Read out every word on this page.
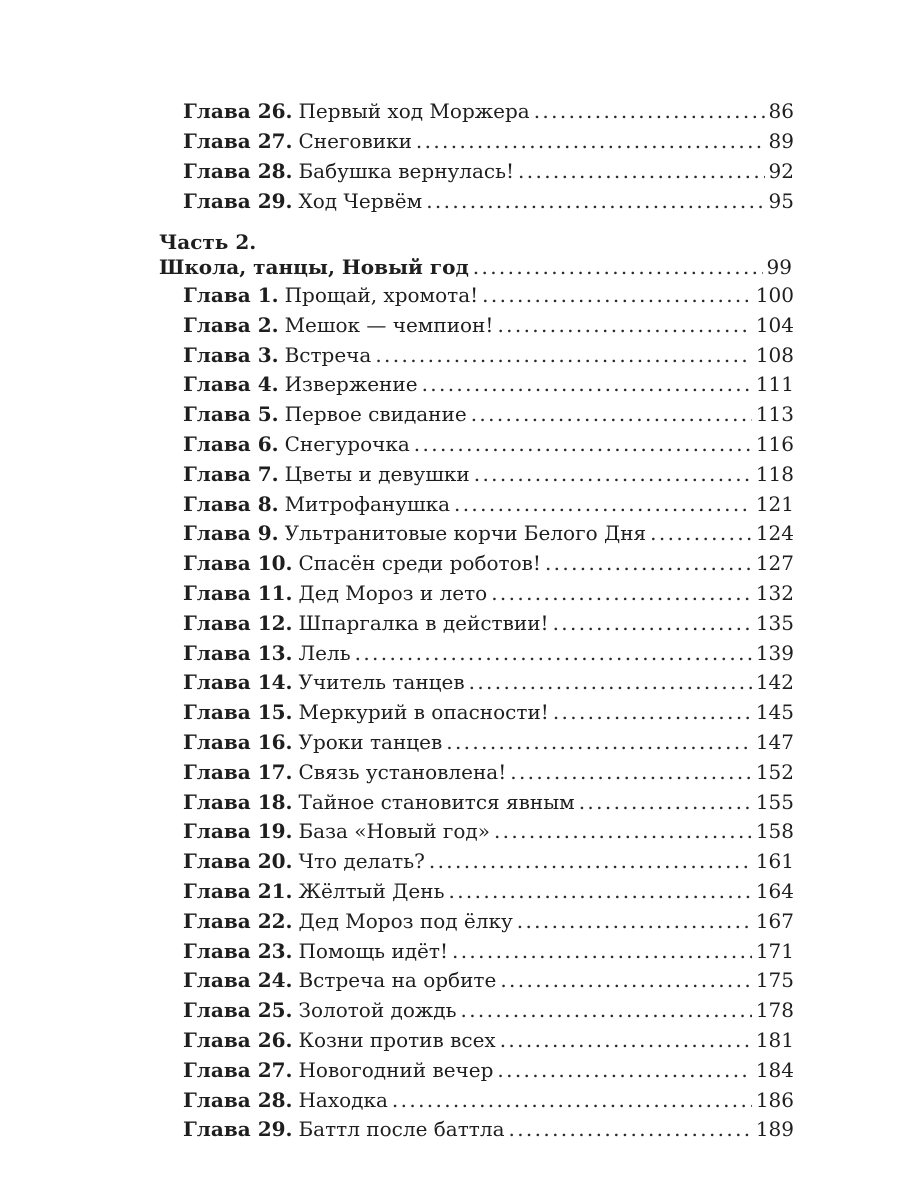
Глава 26. Первый ход Моржера . . .	86
Глава 27. Снеговики . . .	89
Глава 28. Бабушка вернулась! . . .	92
Глава 29. Ход Червём . . .	95
Часть 2.
Школа, танцы, Новый год . . .	99
Глава 1. Прощай, хромота! . . .	100
Глава 2. Мешок — чемпион! . . .	104
Глава 3. Встреча . . .	108
Глава 4. Извержение . . .	111
Глава 5. Первое свидание . . .	113
Глава 6. Снегурочка . . .	116
Глава 7. Цветы и девушки . . .	118
Глава 8. Митрофанушка . . .	121
Глава 9. Ультранитовые корчи Белого Дня . . .	124
Глава 10. Спасён среди роботов! . . .	127
Глава 11. Дед Мороз и лето . . .	132
Глава 12. Шпаргалка в действии! . . .	135
Глава 13. Лель . . .	139
Глава 14. Учитель танцев . . .	142
Глава 15. Меркурий в опасности! . . .	145
Глава 16. Уроки танцев . . .	147
Глава 17. Связь установлена! . . .	152
Глава 18. Тайное становится явным . . .	155
Глава 19. База «Новый год» . . .	158
Глава 20. Что делать? . . .	161
Глава 21. Жёлтый День . . .	164
Глава 22. Дед Мороз под ёлку . . .	167
Глава 23. Помощь идёт! . . .	171
Глава 24. Встреча на орбите . . .	175
Глава 25. Золотой дождь . . .	178
Глава 26. Козни против всех . . .	181
Глава 27. Новогодний вечер . . .	184
Глава 28. Находка . . .	186
Глава 29. Баттл после баттла . . .	189
